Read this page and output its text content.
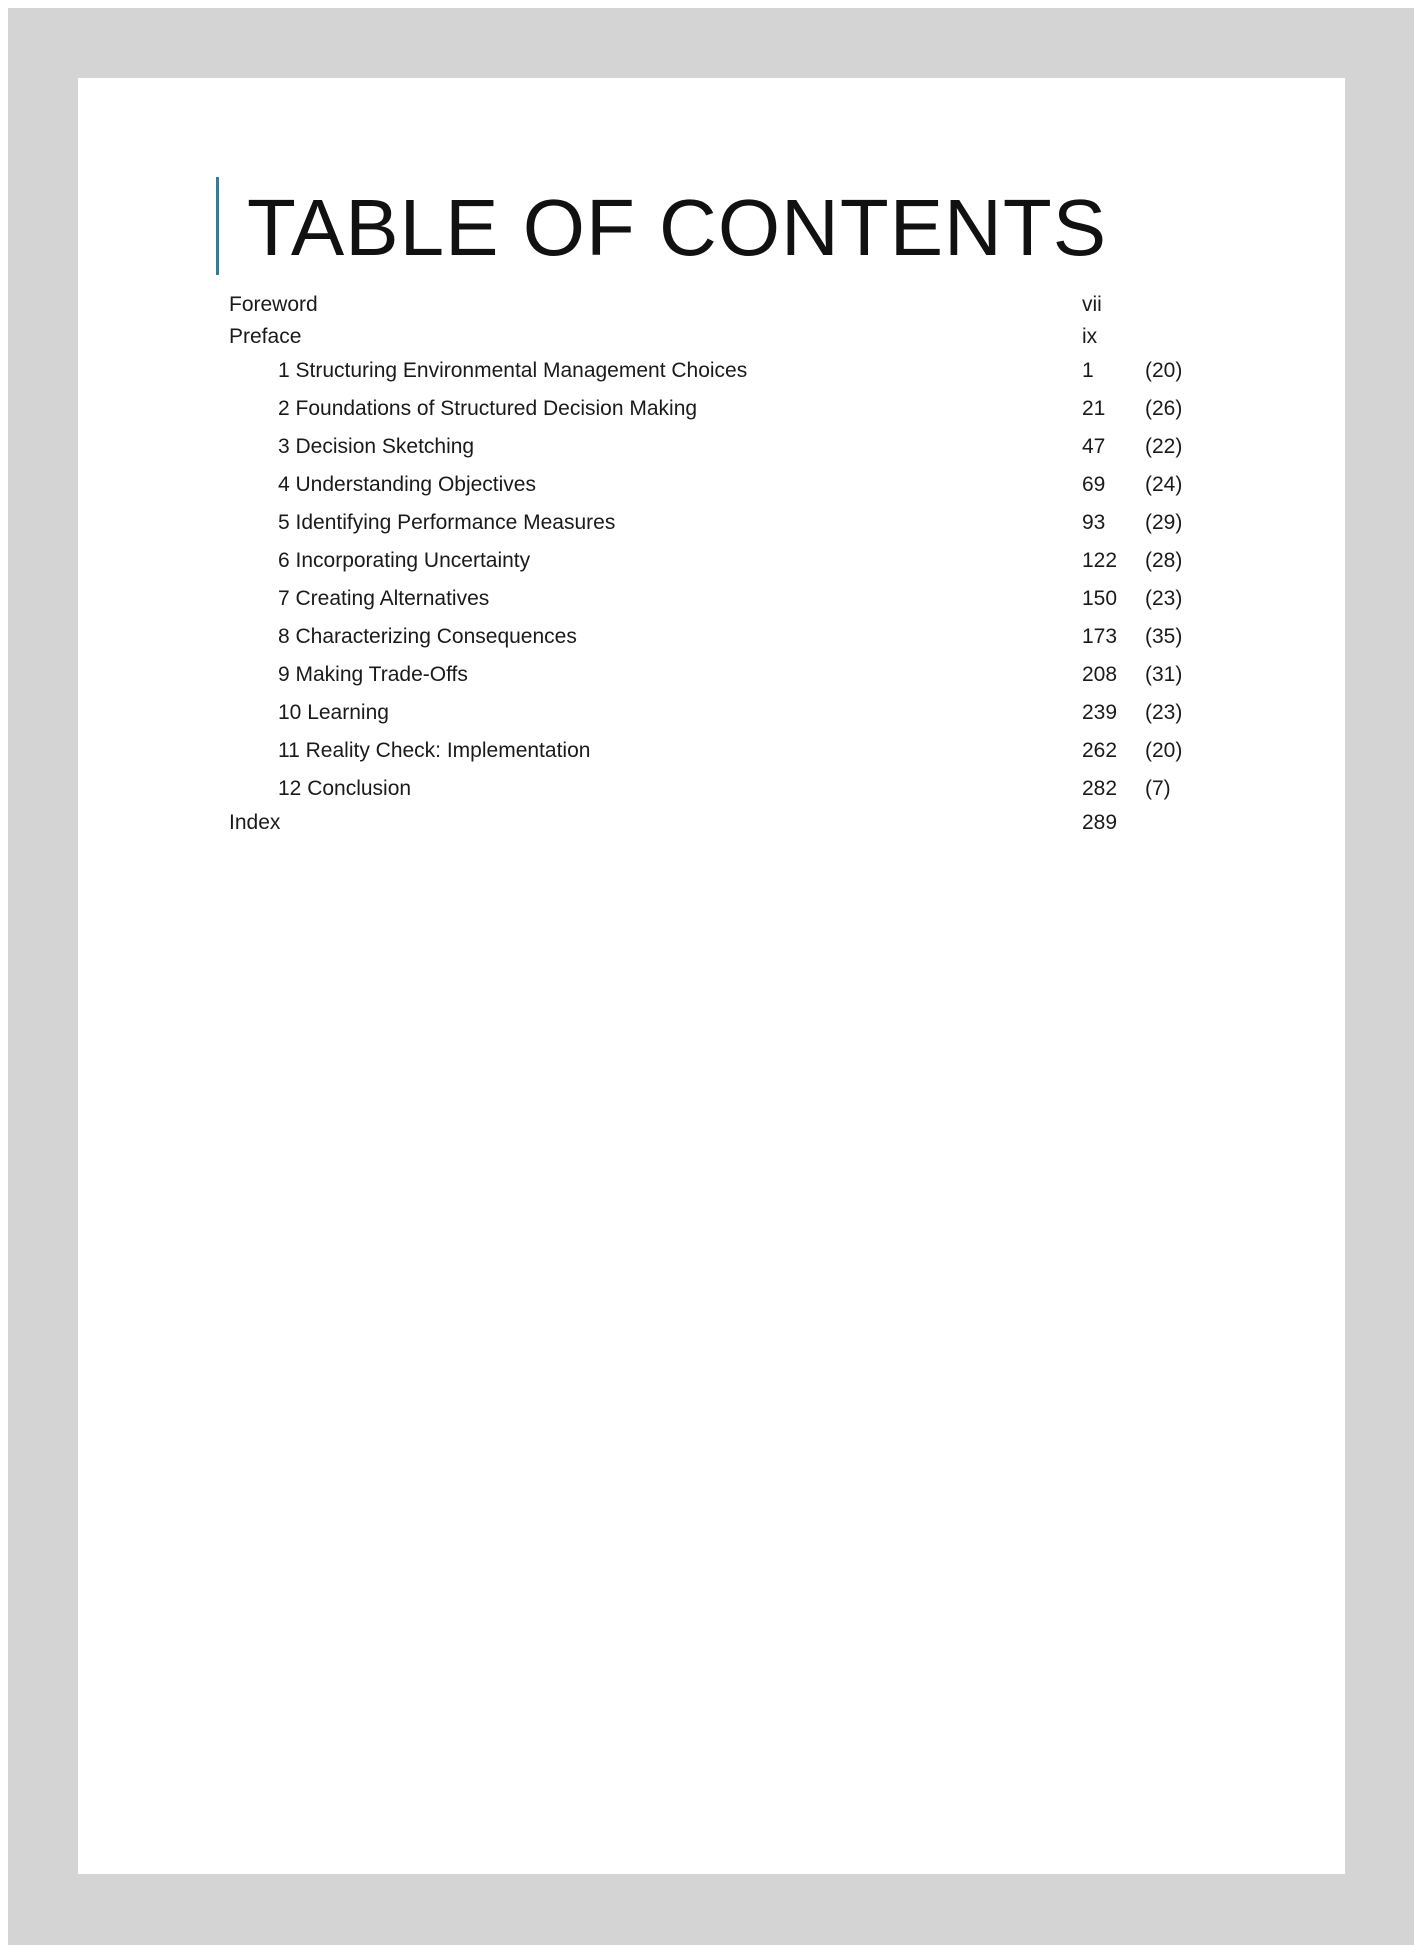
TABLE OF CONTENTS
Foreword	vii
Preface	ix
1 Structuring Environmental Management Choices	1 (20)
2 Foundations of Structured Decision Making	21 (26)
3 Decision Sketching	47 (22)
4 Understanding Objectives	69 (24)
5 Identifying Performance Measures	93 (29)
6 Incorporating Uncertainty	122 (28)
7 Creating Alternatives	150 (23)
8 Characterizing Consequences	173 (35)
9 Making Trade-Offs	208 (31)
10 Learning	239 (23)
11 Reality Check: Implementation	262 (20)
12 Conclusion	282 (7)
Index	289
